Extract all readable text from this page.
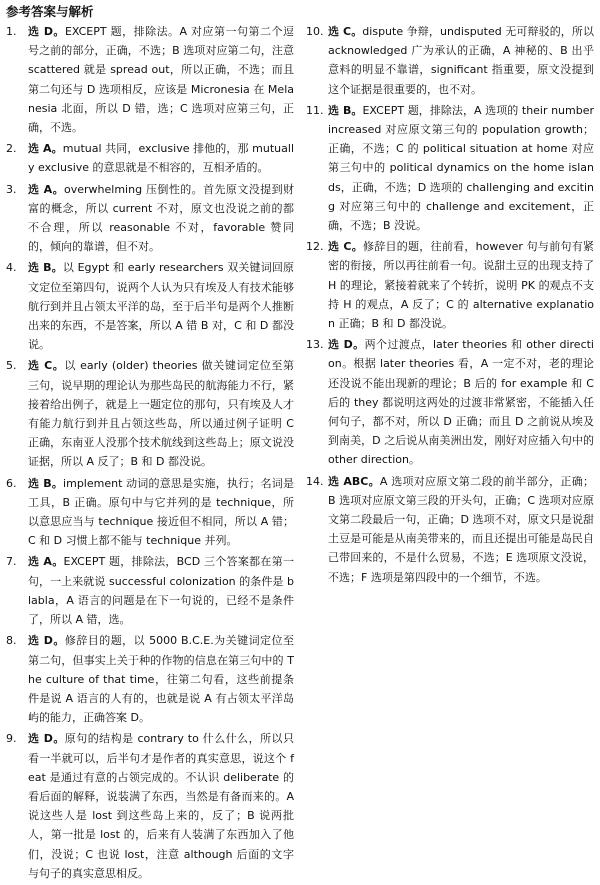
参考答案与解析
1.	选 D。EXCEPT 题，排除法。A 对应第一句第二个逗号之前的部分，正确，不选；B 选项对应第二句，注意 scattered 就是 spread out，所以正确，不选；而且第二句还与 D 选项相反，应该是 Micronesia 在 Melanesia 北面，所以 D 错，选；C 选项对应第三句，正确，不选。
2.	选 A。mutual 共同，exclusive 排他的，那 mutually exclusive 的意思就是不相容的，互相矛盾的。
3.	选 A。overwhelming 压倒性的。首先原文没提到财富的概念，所以 current 不对，原文也没说之前的都不合理，所以 reasonable 不对，favorable 赞同的，倾向的靠谱，但不对。
4.	选 B。以 Egypt 和 early researchers 双关键词回原文定位至第四句，说两个人认为只有埃及人有技术能够航行到并且占领太平洋的岛，至于后半句是两个人推断出来的东西，不是答案，所以 A 错 B 对，C 和 D 都没说。
5.	选 C。以 early (older) theories 做关键词定位至第三句，说早期的理论认为那些岛民的航海能力不行，紧接着给出例子，就是上一题定位的那句，只有埃及人才有能力航行到并且占领这些岛，所以通过例子证明 C 正确，东南亚人没那个技术航线到这些岛上；原文说没证据，所以 A 反了；B 和 D 都没说。
6.	选 B。implement 动词的意思是实施，执行；名词是工具，B 正确。原句中与它并列的是 technique，所以意思应当与 technique 接近但不相同，所以 A 错；C 和 D 习惯上都不能与 technique 并列。
7.	选 A。EXCEPT 题，排除法，BCD 三个答案都在第一句，一上来就说 successful colonization 的条件是 blabla，A 语言的问题是在下一句说的，已经不是条件了，所以 A 错，选。
8.	选 D。修辞目的题，以 5000 B.C.E.为关键词定位至第二句，但事实上关于种的作物的信息在第三句中的 The culture of that time，往第二句看，这些前提条件是说 A 语言的人有的，也就是说 A 有占领太平洋岛屿的能力，正确答案 D。
9.	选 D。原句的结构是 contrary to 什么什么，所以只看一半就可以，后半句才是作者的真实意思，说这个 feat 是通过有意的占领完成的。不认识 deliberate 的看后面的解释，说装满了东西，当然是有备而来的。A 说这些人是 lost 到这些岛上来的，反了；B 说两批人，第一批是 lost 的，后来有人装满了东西加入了他们，没说；C 也说 lost，注意 although 后面的文字与句子的真实意思相反。
10. 选 C。dispute 争辩，undisputed 无可辩驳的，所以 acknowledged 广为承认的正确，A 神秘的、B 出乎意料的明显不靠谱，significant 指重要，原文没提到这个证据是很重要的，也不对。
11. 选 B。EXCEPT 题，排除法，A 选项的 their number increased 对应原文第三句的 population growth；正确，不选；C 的 political situation at home 对应第三句中的 political dynamics on the home islands，正确，不选；D 选项的 challenging and exciting 对应第三句中的 challenge and excitement，正确，不选；B 没说。
12. 选 C。修辞目的题，往前看，however 句与前句有紧密的衔接，所以再往前看一句。说甜土豆的出现支持了 H 的理论，紧接着就来了个转折，说明 PK 的观点不支持 H 的观点，A 反了；C 的 alternative explanation 正确；B 和 D 都没说。
13. 选 D。两个过渡点，later theories 和 other direction。根据 later theories 看，A 一定不对，老的理论还没说不能出现新的理论；B 后的 for example 和 C 后的 they 都说明这两处的过渡非常紧密，不能插入任何句子，都不对，所以 D 正确；而且 D 之前说从埃及到南美，D 之后说从南美洲出发，刚好对应插入句中的 other direction。
14. 选 ABC。A 选项对应原文第二段的前半部分，正确；B 选项对应原文第三段的开头句，正确；C 选项对应原文第二段最后一句，正确；D 选项不对，原文只是说甜土豆是可能是从南美带来的，而且还提出可能是岛民自己带回来的，不是什么贸易，不选；E 选项原文没说，不选；F 选项是第四段中的一个细节，不选。
